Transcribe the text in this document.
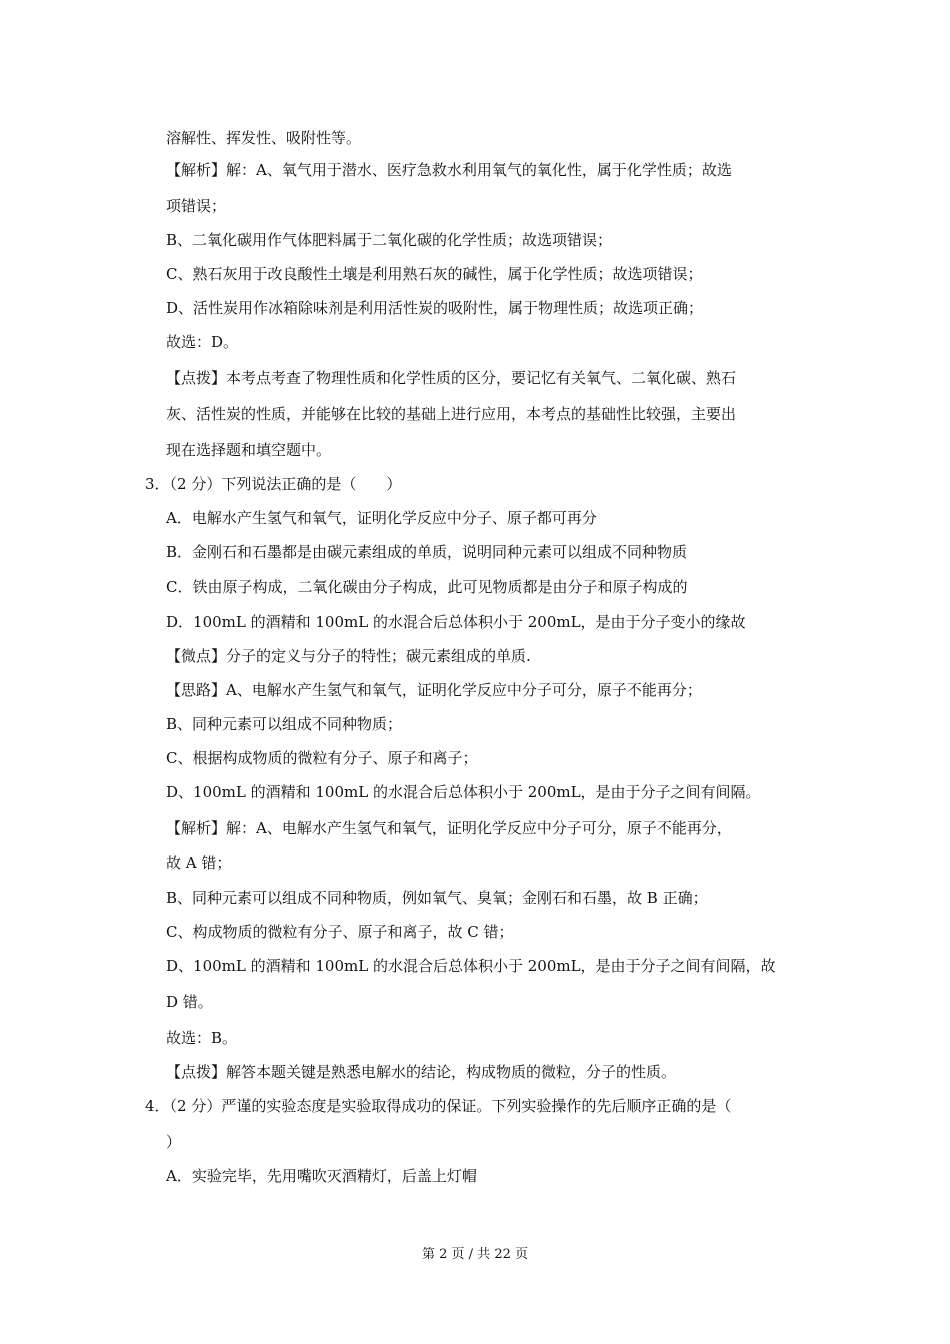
溶解性、挥发性、吸附性等。
【解析】解：A、氧气用于潜水、医疗急救水利用氧气的氧化性，属于化学性质；故选
项错误；
B、二氧化碳用作气体肥料属于二氧化碳的化学性质；故选项错误；
C、熟石灰用于改良酸性土壤是利用熟石灰的碱性，属于化学性质；故选项错误；
D、活性炭用作冰箱除味剂是利用活性炭的吸附性，属于物理性质；故选项正确；
故选：D。
【点拨】本考点考查了物理性质和化学性质的区分，要记忆有关氧气、二氧化碳、熟石
灰、活性炭的性质，并能够在比较的基础上进行应用，本考点的基础性比较强，主要出
现在选择题和填空题中。
3．（2 分）下列说法正确的是（　　）
A．电解水产生氢气和氧气，证明化学反应中分子、原子都可再分
B．金刚石和石墨都是由碳元素组成的单质，说明同种元素可以组成不同种物质
C．铁由原子构成，二氧化碳由分子构成，此可见物质都是由分子和原子构成的
D．100mL 的酒精和 100mL 的水混合后总体积小于 200mL，是由于分子变小的缘故
【微点】分子的定义与分子的特性；碳元素组成的单质.
【思路】A、电解水产生氢气和氧气，证明化学反应中分子可分，原子不能再分；
B、同种元素可以组成不同种物质；
C、根据构成物质的微粒有分子、原子和离子；
D、100mL 的酒精和 100mL 的水混合后总体积小于 200mL，是由于分子之间有间隔。
【解析】解：A、电解水产生氢气和氧气，证明化学反应中分子可分，原子不能再分，
故 A 错；
B、同种元素可以组成不同种物质，例如氧气、臭氧；金刚石和石墨，故 B 正确；
C、构成物质的微粒有分子、原子和离子，故 C 错；
D、100mL 的酒精和 100mL 的水混合后总体积小于 200mL，是由于分子之间有间隔，故
D 错。
故选：B。
【点拨】解答本题关键是熟悉电解水的结论，构成物质的微粒，分子的性质。
4．（2 分）严谨的实验态度是实验取得成功的保证。下列实验操作的先后顺序正确的是（
）
A．实验完毕，先用嘴吹灭酒精灯，后盖上灯帽
第 2 页 / 共 22 页
